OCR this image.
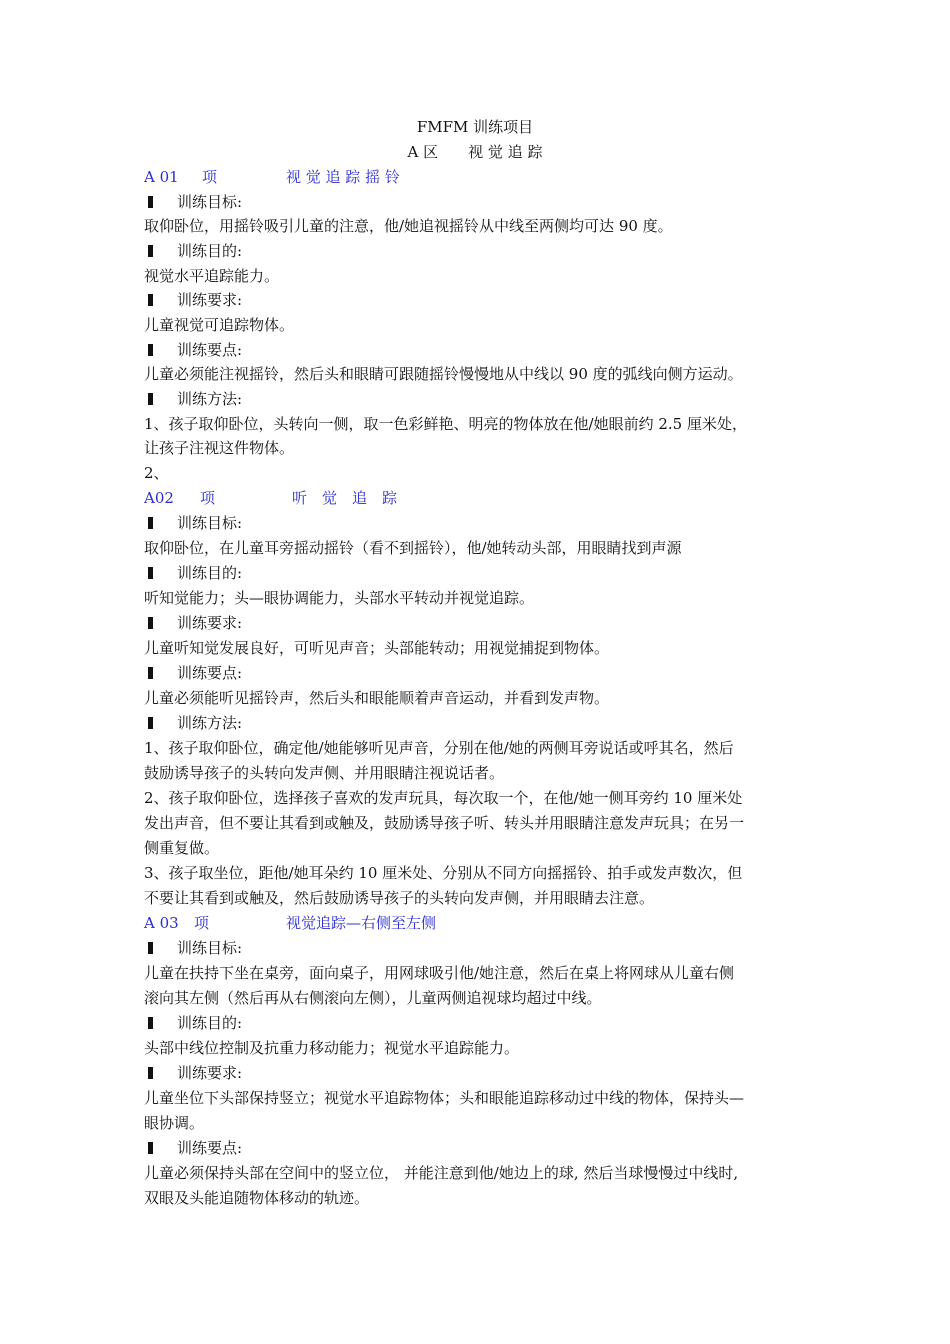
FMFM 训练项目
A 区　　视 觉 追 踪
A 01 项	视 觉 追 踪 摇 铃
训练目标:
取仰卧位，用摇铃吸引儿童的注意，他/她追视摇铃从中线至两侧均可达 90 度。
训练目的:
视觉水平追踪能力。
训练要求:
儿童视觉可追踪物体。
训练要点:
儿童必须能注视摇铃，然后头和眼睛可跟随摇铃慢慢地从中线以 90 度的弧线向侧方运动。
训练方法:
1、孩子取仰卧位，头转向一侧，取一色彩鲜艳、明亮的物体放在他/她眼前约 2.5 厘米处，
让孩子注视这件物体。
2、
A02 项	听　觉　追　踪
训练目标:
取仰卧位，在儿童耳旁摇动摇铃（看不到摇铃），他/她转动头部，用眼睛找到声源
训练目的:
听知觉能力；头—眼协调能力，头部水平转动并视觉追踪。
训练要求:
儿童听知觉发展良好，可听见声音；头部能转动；用视觉捕捉到物体。
训练要点:
儿童必须能听见摇铃声，然后头和眼能顺着声音运动，并看到发声物。
训练方法:
1、孩子取仰卧位，确定他/她能够听见声音，分别在他/她的两侧耳旁说话或呼其名，然后
鼓励诱导孩子的头转向发声侧、并用眼睛注视说话者。
2、孩子取仰卧位，选择孩子喜欢的发声玩具，每次取一个，在他/她一侧耳旁约 10 厘米处
发出声音，但不要让其看到或触及，鼓励诱导孩子听、转头并用眼睛注意发声玩具；在另一
侧重复做。
3、孩子取坐位，距他/她耳朵约 10 厘米处、分别从不同方向摇摇铃、拍手或发声数次，但
不要让其看到或触及，然后鼓励诱导孩子的头转向发声侧，并用眼睛去注意。
A 03 项	视觉追踪—右侧至左侧
训练目标:
儿童在扶持下坐在桌旁，面向桌子，用网球吸引他/她注意，然后在桌上将网球从儿童右侧
滚向其左侧（然后再从右侧滚向左侧），儿童两侧追视球均超过中线。
训练目的:
头部中线位控制及抗重力移动能力；视觉水平追踪能力。
训练要求:
儿童坐位下头部保持竖立；视觉水平追踪物体；头和眼能追踪移动过中线的物体，保持头—
眼协调。
训练要点:
儿童必须保持头部在空间中的竖立位， 并能注意到他/她边上的球, 然后当球慢慢过中线时,
双眼及头能追随物体移动的轨迹。
